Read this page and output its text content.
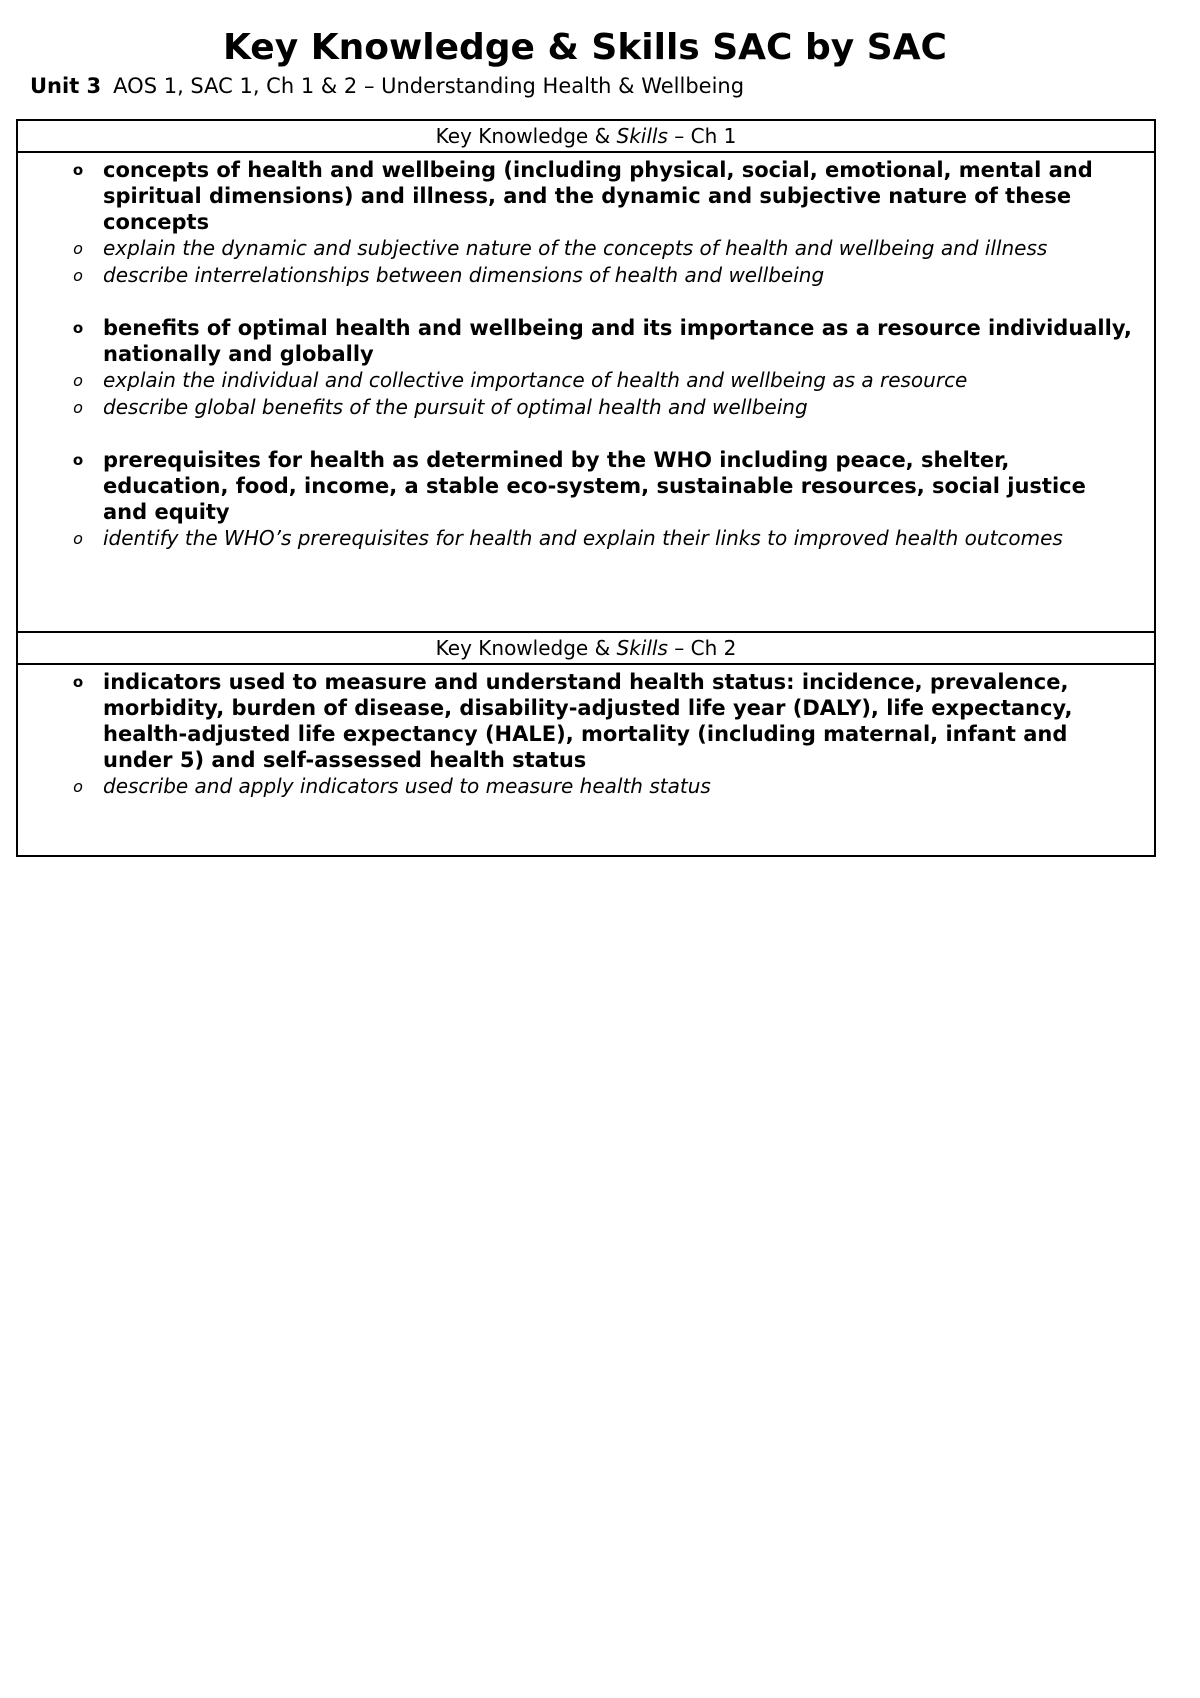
Key Knowledge & Skills SAC by SAC
Unit 3 AOS 1, SAC 1, Ch 1 & 2 – Understanding Health & Wellbeing
Key Knowledge & Skills – Ch 1

o concepts of health and wellbeing (including physical, social, emotional, mental and spiritual dimensions) and illness, and the dynamic and subjective nature of these concepts
o explain the dynamic and subjective nature of the concepts of health and wellbeing and illness
o describe interrelationships between dimensions of health and wellbeing
o benefits of optimal health and wellbeing and its importance as a resource individually, nationally and globally
o explain the individual and collective importance of health and wellbeing as a resource
o describe global benefits of the pursuit of optimal health and wellbeing
o prerequisites for health as determined by the WHO including peace, shelter, education, food, income, a stable eco-system, sustainable resources, social justice and equity
o identify the WHO’s prerequisites for health and explain their links to improved health outcomes

Key Knowledge & Skills – Ch 2

o indicators used to measure and understand health status: incidence, prevalence, morbidity, burden of disease, disability-adjusted life year (DALY), life expectancy, health-adjusted life expectancy (HALE), mortality (including maternal, infant and under 5) and self-assessed health status
o describe and apply indicators used to measure health status
